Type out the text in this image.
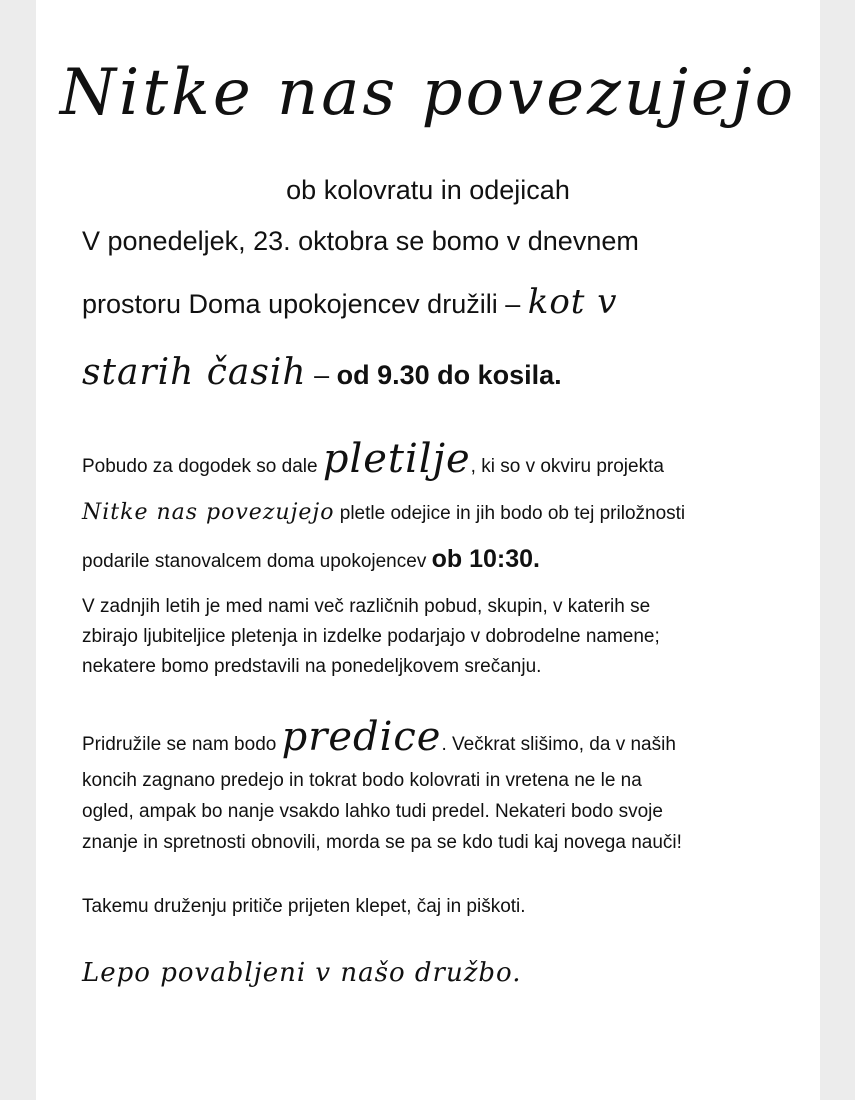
Nitke nas povezujejo
ob kolovratu in odejicah
V ponedeljek, 23. oktobra se bomo v dnevnem
prostoru Doma upokojencev družili – kot v
starih časih – od 9.30 do kosila.
Pobudo za dogodek so dale pletilje, ki so v okviru projekta
Nitke nas povezujejo pletle odejice in jih bodo ob tej priložnosti
podarile stanovalcem doma upokojencev ob 10:30.
V zadnjih letih je med nami več različnih pobud, skupin, v katerih se
zbirajo ljubiteljice pletenja in izdelke podarjajo v dobrodelne namene;
nekatere bomo predstavili na ponedeljkovem srečanju.
Pridružile se nam bodo predice. Večkrat slišimo, da v naših
koncih zagnano predejo in tokrat bodo kolovrati in vretena ne le na
ogled, ampak bo nanje vsakdo lahko tudi predel. Nekateri bodo svoje
znanje in spretnosti obnovili, morda se pa se kdo tudi kaj novega nauči!
Takemu druženju pritiče prijeten klepet, čaj in piškoti.
Lepo povabljeni v našo družbo.
